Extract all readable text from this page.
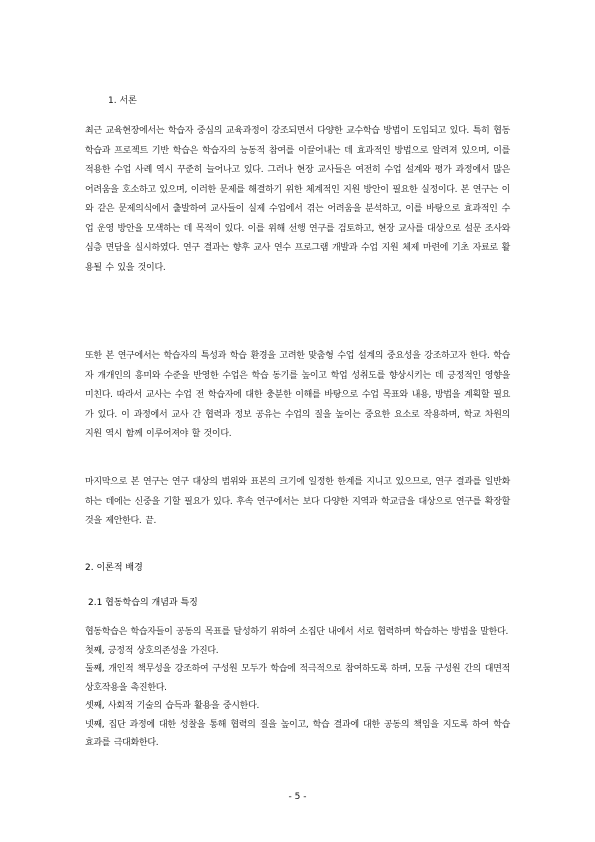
1. 서론

최근 교육현장에서는 학습자 중심의 교육과정이 강조되면서 다양한 교수학습 방법이 도입되고 있다. 특히 협동학습과 프로젝트 기반 학습은 학습자의 능동적 참여를 이끌어내는 데 효과적인 방법으로 알려져 있으며, 이를 적용한 수업 사례 역시 꾸준히 늘어나고 있다. 그러나 현장 교사들은 여전히 수업 설계와 평가 과정에서 많은 어려움을 호소하고 있으며, 이러한 문제를 해결하기 위한 체계적인 지원 방안이 필요한 실정이다. 본 연구는 이와 같은 문제의식에서 출발하여 교사들이 실제 수업에서 겪는 어려움을 분석하고, 이를 바탕으로 효과적인 수업 운영 방안을 모색하는 데 목적이 있다. 이를 위해 선행 연구를 검토하고, 현장 교사를 대상으로 설문 조사와 심층 면담을 실시하였다. 연구 결과는 향후 교사 연수 프로그램 개발과 수업 지원 체제 마련에 기초 자료로 활용될 수 있을 것이다.

또한 본 연구에서는 학습자의 특성과 학습 환경을 고려한 맞춤형 수업 설계의 중요성을 강조하고자 한다. 학습자 개개인의 흥미와 수준을 반영한 수업은 학습 동기를 높이고 학업 성취도를 향상시키는 데 긍정적인 영향을 미친다. 따라서 교사는 수업 전 학습자에 대한 충분한 이해를 바탕으로 수업 목표와 내용, 방법을 계획할 필요가 있다. 이 과정에서 교사 간 협력과 정보 공유는 수업의 질을 높이는 중요한 요소로 작용하며, 학교 차원의 지원 역시 함께 이루어져야 할 것이다.

마지막으로 본 연구는 연구 대상의 범위와 표본의 크기에 일정한 한계를 지니고 있으므로, 연구 결과를 일반화하는 데에는 신중을 기할 필요가 있다. 후속 연구에서는 보다 다양한 지역과 학교급을 대상으로 연구를 확장할 것을 제안한다. 끝.

2. 이론적 배경
2.1 협동학습의 개념과 특징

협동학습은 학습자들이 공동의 목표를 달성하기 위하여 소집단 내에서 서로 협력하며 학습하는 방법을 말한다.

첫째, 긍정적 상호의존성을 가진다.

둘째, 개인적 책무성을 강조하여 구성원 모두가 학습에 적극적으로 참여하도록 하며, 모둠 구성원 간의 대면적 상호작용을 촉진한다.

셋째, 사회적 기술의 습득과 활용을 중시한다.

넷째, 집단 과정에 대한 성찰을 통해 협력의 질을 높이고, 학습 결과에 대한 공동의 책임을 지도록 하여 학습 효과를 극대화한다.

- 5 -
